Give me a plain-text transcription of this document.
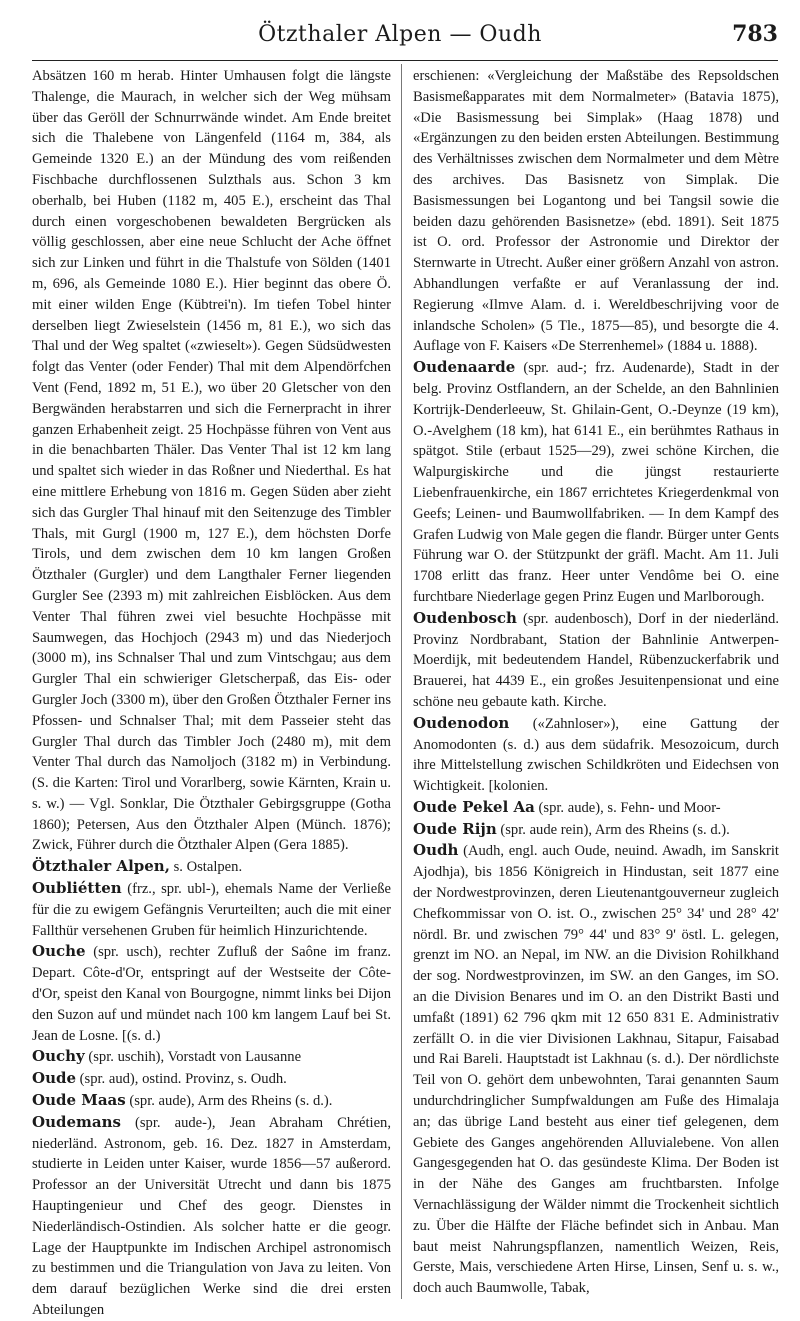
Ötzthaler Alpen — Oudh	783

Absätzen 160 m herab. Hinter Umhausen folgt die längste Thalenge, die Maurach, in welcher sich der Weg mühsam über das Geröll der Schnurrwände windet. Am Ende breitet sich die Thalebene von Längenfeld (1164 m, 384, als Gemeinde 1320 E.) an der Mündung des vom reißenden Fischbache durchflossenen Sulzthals aus. Schon 3 km oberhalb, bei Huben (1182 m, 405 E.), erscheint das Thal durch einen vorgeschobenen bewaldeten Bergrücken als völlig geschlossen, aber eine neue Schlucht der Ache öffnet sich zur Linken und führt in die Thalstufe von Sölden (1401 m, 696, als Gemeinde 1080 E.). Hier beginnt das obere Ö. mit einer wilden Enge (Kübtrei'n). Im tiefen Tobel hinter derselben liegt Zwieselstein (1456 m, 81 E.), wo sich das Thal und der Weg spaltet («zwieselt»). Gegen Südsüdwesten folgt das Venter (oder Fender) Thal mit dem Alpendörfchen Vent (Fend, 1892 m, 51 E.), wo über 20 Gletscher von den Bergwänden herabstarren und sich die Fernerpracht in ihrer ganzen Erhabenheit zeigt. 25 Hochpässe führen von Vent aus in die benachbarten Thäler. Das Venter Thal ist 12 km lang und spaltet sich wieder in das Roßner und Niederthal. Es hat eine mittlere Erhebung von 1816 m. Gegen Süden aber zieht sich das Gurgler Thal hinauf mit den Seitenzuge des Timbler Thals, mit Gurgl (1900 m, 127 E.), dem höchsten Dorfe Tirols, und dem zwischen dem 10 km langen Großen Ötzthaler (Gurgler) und dem Langthaler Ferner liegenden Gurgler See (2393 m) mit zahlreichen Eisblöcken. Aus dem Venter Thal führen zwei viel besuchte Hochpässe mit Saumwegen, das Hochjoch (2943 m) und das Niederjoch (3000 m), ins Schnalser Thal und zum Vintschgau; aus dem Gurgler Thal ein schwieriger Gletscherpaß, das Eis- oder Gurgler Joch (3300 m), über den Großen Ötzthaler Ferner ins Pfossen- und Schnalser Thal; mit dem Passeier steht das Gurgler Thal durch das Timbler Joch (2480 m), mit dem Venter Thal durch das Namoljoch (3182 m) in Verbindung. (S. die Karten: Tirol und Vorarlberg, sowie Kärnten, Krain u. s. w.) — Vgl. Sonklar, Die Ötzthaler Gebirgsgruppe (Gotha 1860); Petersen, Aus den Ötzthaler Alpen (Münch. 1876); Zwick, Führer durch die Ötzthaler Alpen (Gera 1885).

Ötzthaler Alpen, s. Ostalpen.

Oubliétten (frz., spr. ubl-), ehemals Name der Verließe für die zu ewigem Gefängnis Verurteilten; auch die mit einer Fallthür versehenen Gruben für heimlich Hinzurichtende.

Ouche (spr. usch), rechter Zufluß der Saône im franz. Depart. Côte-d'Or, entspringt auf der Westseite der Côte-d'Or, speist den Kanal von Bourgogne, nimmt links bei Dijon den Suzon auf und mündet nach 100 km langem Lauf bei St. Jean de Losne. [(s. d.)

Ouchy (spr. uschih), Vorstadt von Lausanne

Oude (spr. aud), ostind. Provinz, s. Oudh.

Oude Maas (spr. aude), Arm des Rheins (s. d.).

Oudemans (spr. aude-), Jean Abraham Chrétien, niederländ. Astronom, geb. 16. Dez. 1827 in Amsterdam, studierte in Leiden unter Kaiser, wurde 1856—57 außerord. Professor an der Universität Utrecht und dann bis 1875 Hauptingenieur und Chef des geogr. Dienstes in Niederländisch-Ostindien. Als solcher hatte er die geogr. Lage der Hauptpunkte im Indischen Archipel astronomisch zu bestimmen und die Triangulation von Java zu leiten. Von dem darauf bezüglichen Werke sind die drei ersten Abteilungen

erschienen: «Vergleichung der Maßstäbe des Repsoldschen Basismeßapparates mit dem Normalmeter» (Batavia 1875), «Die Basismessung bei Simplak» (Haag 1878) und «Ergänzungen zu den beiden ersten Abteilungen. Bestimmung des Verhältnisses zwischen dem Normalmeter und dem Mètre des archives. Das Basisnetz von Simplak. Die Basismessungen bei Logantong und bei Tangsil sowie die beiden dazu gehörenden Basisnetze» (ebd. 1891). Seit 1875 ist O. ord. Professor der Astronomie und Direktor der Sternwarte in Utrecht. Außer einer größern Anzahl von astron. Abhandlungen verfaßte er auf Veranlassung der ind. Regierung «Ilmve Alam. d. i. Wereldbeschrijving voor de inlandsche Scholen» (5 Tle., 1875—85), und besorgte die 4. Auflage von F. Kaisers «De Sterrenhemel» (1884 u. 1888).

Oudenaarde (spr. aud-; frz. Audenarde), Stadt in der belg. Provinz Ostflandern, an der Schelde, an den Bahnlinien Kortrijk-Denderleeuw, St. Ghilain-Gent, O.-Deynze (19 km), O.-Avelghem (18 km), hat 6141 E., ein berühmtes Rathaus in spätgot. Stile (erbaut 1525—29), zwei schöne Kirchen, die Walpurgiskirche und die jüngst restaurierte Liebenfrauenkirche, ein 1867 errichtetes Kriegerdenkmal von Geefs; Leinen- und Baumwollfabriken. — In dem Kampf des Grafen Ludwig von Male gegen die flandr. Bürger unter Gents Führung war O. der Stützpunkt der gräfl. Macht. Am 11. Juli 1708 erlitt das franz. Heer unter Vendôme bei O. eine furchtbare Niederlage gegen Prinz Eugen und Marlborough.

Oudenbosch (spr. audenbosch), Dorf in der niederländ. Provinz Nordbrabant, Station der Bahnlinie Antwerpen-Moerdijk, mit bedeutendem Handel, Rübenzuckerfabrik und Brauerei, hat 4439 E., ein großes Jesuitenpensionat und eine schöne neu gebaute kath. Kirche.

Oudenodon («Zahnloser»), eine Gattung der Anomodonten (s. d.) aus dem südafrik. Mesozoicum, durch ihre Mittelstellung zwischen Schildkröten und Eidechsen von Wichtigkeit. [kolonien.

Oude Pekel Aa (spr. aude), s. Fehn- und Moor-

Oude Rijn (spr. aude rein), Arm des Rheins (s. d.).

Oudh (Audh, engl. auch Oude, neuind. Awadh, im Sanskrit Ajodhja), bis 1856 Königreich in Hindustan, seit 1877 eine der Nordwestprovinzen, deren Lieutenantgouverneur zugleich Chefkommissar von O. ist. O., zwischen 25° 34' und 28° 42' nördl. Br. und zwischen 79° 44' und 83° 9' östl. L. gelegen, grenzt im NO. an Nepal, im NW. an die Division Rohilkhand der sog. Nordwestprovinzen, im SW. an den Ganges, im SO. an die Division Benares und im O. an den Distrikt Basti und umfaßt (1891) 62 796 qkm mit 12 650 831 E. Administrativ zerfällt O. in die vier Divisionen Lakhnau, Sitapur, Faisabad und Rai Bareli. Hauptstadt ist Lakhnau (s. d.). Der nördlichste Teil von O. gehört dem unbewohnten, Tarai genannten Saum undurchdringlicher Sumpfwaldungen am Fuße des Himalaja an; das übrige Land besteht aus einer tief gelegenen, dem Gebiete des Ganges angehörenden Alluvialebene. Von allen Gangesgegenden hat O. das gesündeste Klima. Der Boden ist in der Nähe des Ganges am fruchtbarsten. Infolge Vernachlässigung der Wälder nimmt die Trockenheit sichtlich zu. Über die Hälfte der Fläche befindet sich in Anbau. Man baut meist Nahrungspflanzen, namentlich Weizen, Reis, Gerste, Mais, verschiedene Arten Hirse, Linsen, Senf u. s. w., doch auch Baumwolle, Tabak,
